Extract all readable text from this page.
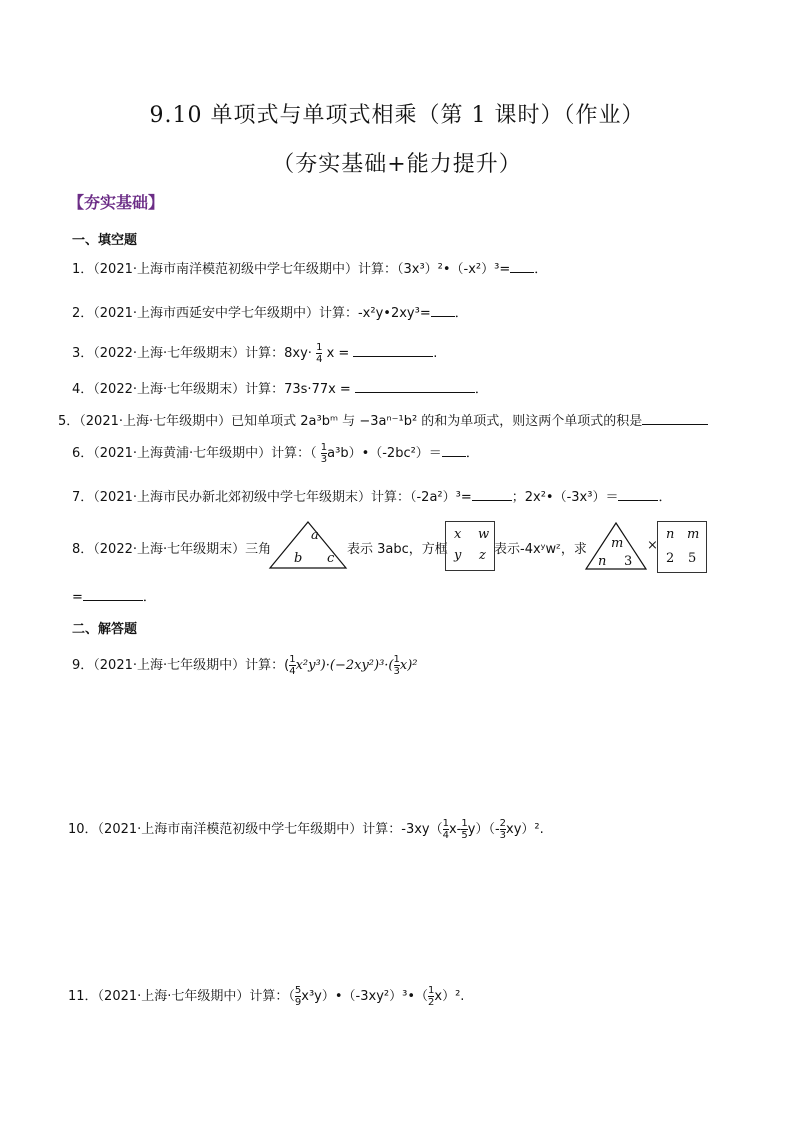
9.10 单项式与单项式相乘（第 1 课时）（作业）
（夯实基础+能力提升）
【夯实基础】
一、填空题
1．（2021·上海市南洋模范初级中学七年级期中）计算：（3x³）²•（-x²）³= ．
2．（2021·上海市西延安中学七年级期中）计算：-x²y•2xy³= ．
3．（2022·上海·七年级期末）计算：$8xy\cdot \frac{1}{4}$ x =	.
4．（2022·上海·七年级期末）计算：73s·77x =	．
5．（2021·上海·七年级期中）已知单项式 2a³bᵐ 与 −3aⁿ⁻¹b² 的和为单项式，则这两个单项式的积是
6．（2021·上海黄浦·七年级期中）计算：（ $\frac{1}{3}$ a³b）•（-2bc²）＝ ．
7．（2021·上海市民办新北郊初级中学七年级期末）计算：（-2a²）³=	；2x²•（-3x³）＝	．
8．（2022·上海·七年级期末）三角
a
b c
表示 3abc，方框
x w
y z 表示-4xʸwᶻ，求 m
n 3
×
n m
2 5
=	．
二、解答题
9．（2021·上海·七年级期中）计算：( $\frac{1}{4} x^2y^3)\cdot(-2xy^2)^3\cdot( \frac{1}{3} x)^2$
10．（2021·上海市南洋模范初级中学七年级期中）计算：$-3xy( \frac{1}{4} x- \frac{1}{5} y)(- \frac{2}{3} xy)^2$.
11．（2021·上海·七年级期中）计算：（ $\frac{5}{9}$ x³y）•（-3xy²）³•（ $\frac{1}{2} x)^2$.
